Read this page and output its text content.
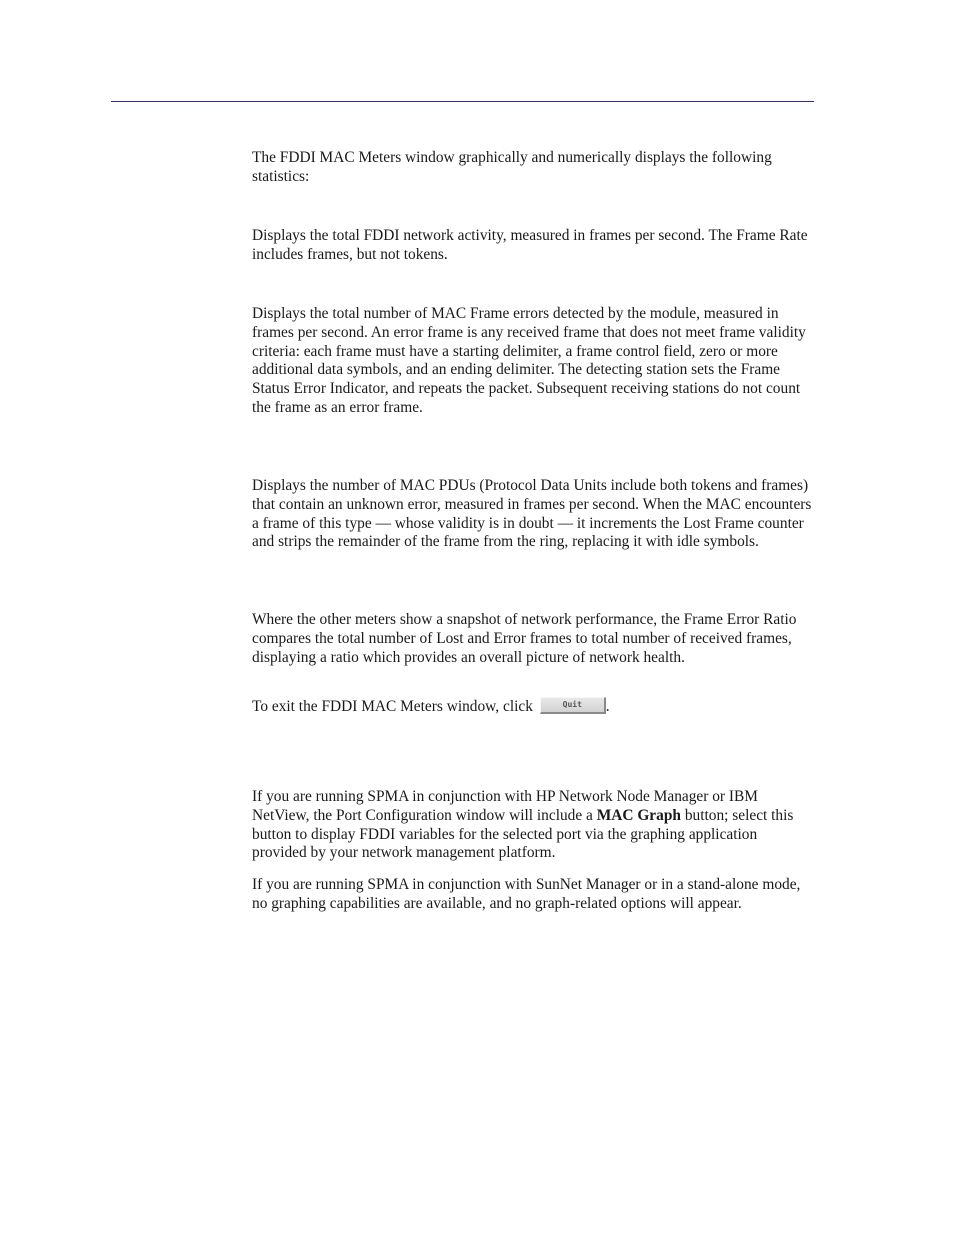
The FDDI MAC Meters window graphically and numerically displays the following statistics:

Displays the total FDDI network activity, measured in frames per second. The Frame Rate includes frames, but not tokens.

Displays the total number of MAC Frame errors detected by the module, measured in frames per second. An error frame is any received frame that does not meet frame validity criteria: each frame must have a starting delimiter, a frame control field, zero or more additional data symbols, and an ending delimiter. The detecting station sets the Frame Status Error Indicator, and repeats the packet. Subsequent receiving stations do not count the frame as an error frame.

Displays the number of MAC PDUs (Protocol Data Units include both tokens and frames) that contain an unknown error, measured in frames per second. When the MAC encounters a frame of this type — whose validity is in doubt — it increments the Lost Frame counter and strips the remainder of the frame from the ring, replacing it with idle symbols.

Where the other meters show a snapshot of network performance, the Frame Error Ratio compares the total number of Lost and Error frames to total number of received frames, displaying a ratio which provides an overall picture of network health.

To exit the FDDI MAC Meters window, click	Quit .

If you are running SPMA in conjunction with HP Network Node Manager or IBM NetView, the Port Configuration window will include a MAC Graph button; select this button to display FDDI variables for the selected port via the graphing application provided by your network management platform.

If you are running SPMA in conjunction with SunNet Manager or in a stand-alone mode, no graphing capabilities are available, and no graph-related options will appear.
